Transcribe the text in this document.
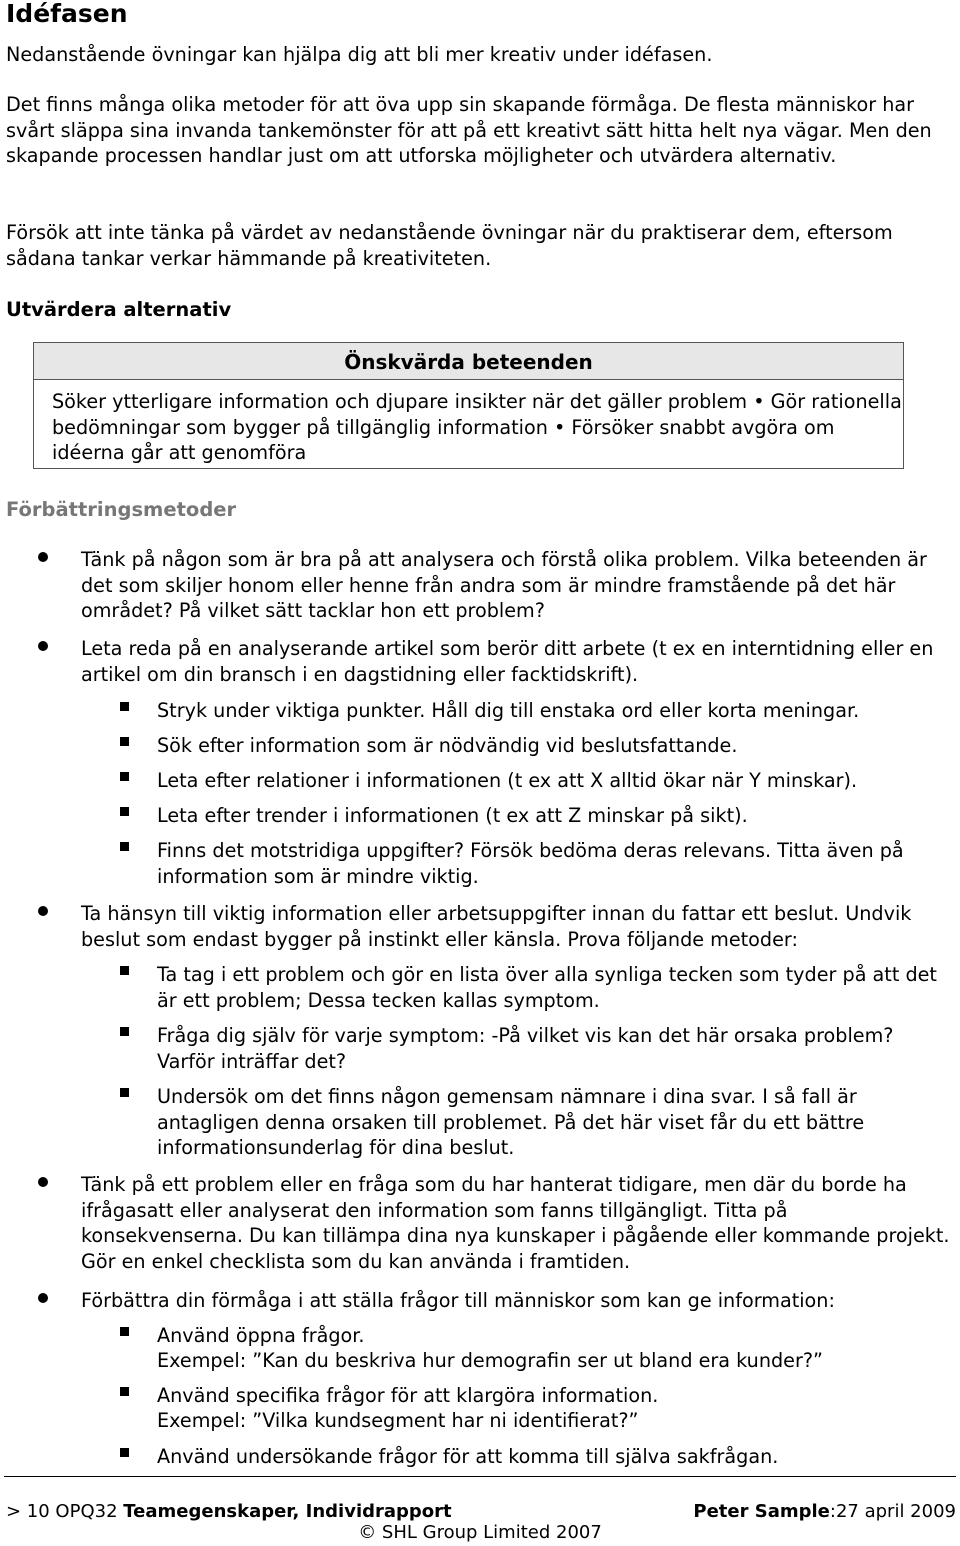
Idéfasen

Nedanstående övningar kan hjälpa dig att bli mer kreativ under idéfasen.

Det finns många olika metoder för att öva upp sin skapande förmåga. De flesta människor har svårt släppa sina invanda tankemönster för att på ett kreativt sätt hitta helt nya vägar. Men den skapande processen handlar just om att utforska möjligheter och utvärdera alternativ.

Försök att inte tänka på värdet av nedanstående övningar när du praktiserar dem, eftersom sådana tankar verkar hämmande på kreativiteten.

Utvärdera alternativ

Önskvärda beteenden

Söker ytterligare information och djupare insikter när det gäller problem • Gör rationella bedömningar som bygger på tillgänglig information • Försöker snabbt avgöra om idéerna går att genomföra

Förbättringsmetoder

Tänk på någon som är bra på att analysera och förstå olika problem. Vilka beteenden är det som skiljer honom eller henne från andra som är mindre framstående på det här området? På vilket sätt tacklar hon ett problem?

Leta reda på en analyserande artikel som berör ditt arbete (t ex en interntidning eller en artikel om din bransch i en dagstidning eller facktidskrift).

Stryk under viktiga punkter. Håll dig till enstaka ord eller korta meningar.

Sök efter information som är nödvändig vid beslutsfattande.

Leta efter relationer i informationen (t ex att X alltid ökar när Y minskar).

Leta efter trender i informationen (t ex att Z minskar på sikt).

Finns det motstridiga uppgifter? Försök bedöma deras relevans. Titta även på information som är mindre viktig.

Ta hänsyn till viktig information eller arbetsuppgifter innan du fattar ett beslut. Undvik beslut som endast bygger på instinkt eller känsla. Prova följande metoder:

Ta tag i ett problem och gör en lista över alla synliga tecken som tyder på att det är ett problem; Dessa tecken kallas symptom.

Fråga dig själv för varje symptom: -På vilket vis kan det här orsaka problem? Varför inträffar det?

Undersök om det finns någon gemensam nämnare i dina svar. I så fall är antagligen denna orsaken till problemet. På det här viset får du ett bättre informationsunderlag för dina beslut.

Tänk på ett problem eller en fråga som du har hanterat tidigare, men där du borde ha ifrågasatt eller analyserat den information som fanns tillgängligt. Titta på konsekvenserna. Du kan tillämpa dina nya kunskaper i pågående eller kommande projekt. Gör en enkel checklista som du kan använda i framtiden.

Förbättra din förmåga i att ställa frågor till människor som kan ge information:

Använd öppna frågor.

Exempel: ”Kan du beskriva hur demografin ser ut bland era kunder?”

Använd specifika frågor för att klargöra information.

Exempel: ”Vilka kundsegment har ni identifierat?”

Använd undersökande frågor för att komma till själva sakfrågan.

> 10 OPQ32 Teamegenskaper, Individrapport	Peter Sample:27 april 2009

© SHL Group Limited 2007
